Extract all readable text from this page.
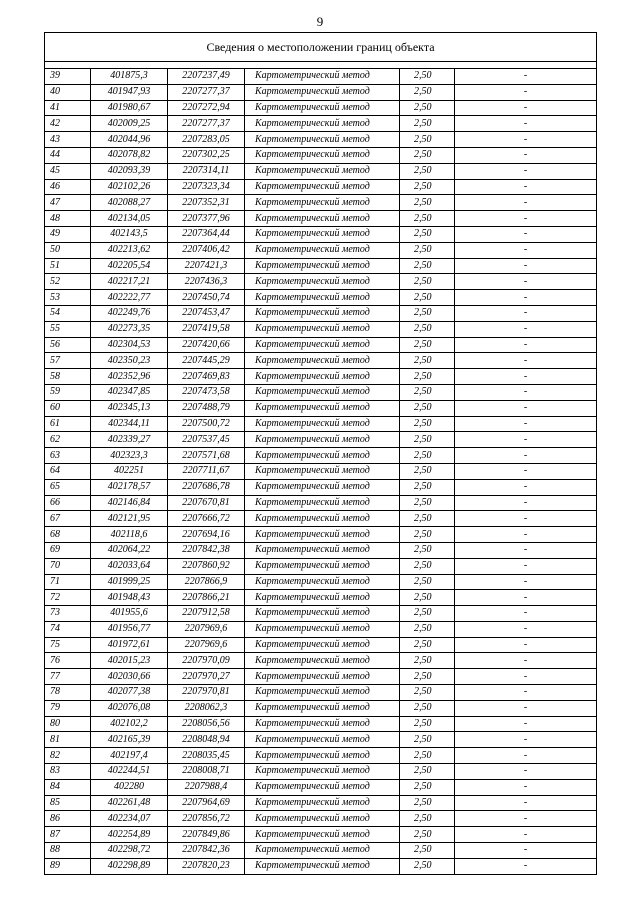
9
Сведения о местоположении границ объекта					

39	401875,3	2207237,49	Картометрический метод	2,50	-
40	401947,93	2207277,37	Картометрический метод	2,50	-
41	401980,67	2207272,94	Картометрический метод	2,50	-
42	402009,25	2207277,37	Картометрический метод	2,50	-
43	402044,96	2207283,05	Картометрический метод	2,50	-
44	402078,82	2207302,25	Картометрический метод	2,50	-
45	402093,39	2207314,11	Картометрический метод	2,50	-
46	402102,26	2207323,34	Картометрический метод	2,50	-
47	402088,27	2207352,31	Картометрический метод	2,50	-
48	402134,05	2207377,96	Картометрический метод	2,50	-
49	402143,5	2207364,44	Картометрический метод	2,50	-
50	402213,62	2207406,42	Картометрический метод	2,50	-
51	402205,54	2207421,3	Картометрический метод	2,50	-
52	402217,21	2207436,3	Картометрический метод	2,50	-
53	402222,77	2207450,74	Картометрический метод	2,50	-
54	402249,76	2207453,47	Картометрический метод	2,50	-
55	402273,35	2207419,58	Картометрический метод	2,50	-
56	402304,53	2207420,66	Картометрический метод	2,50	-
57	402350,23	2207445,29	Картометрический метод	2,50	-
58	402352,96	2207469,83	Картометрический метод	2,50	-
59	402347,85	2207473,58	Картометрический метод	2,50	-
60	402345,13	2207488,79	Картометрический метод	2,50	-
61	402344,11	2207500,72	Картометрический метод	2,50	-
62	402339,27	2207537,45	Картометрический метод	2,50	-
63	402323,3	2207571,68	Картометрический метод	2,50	-
64	402251	2207711,67	Картометрический метод	2,50	-
65	402178,57	2207686,78	Картометрический метод	2,50	-
66	402146,84	2207670,81	Картометрический метод	2,50	-
67	402121,95	2207666,72	Картометрический метод	2,50	-
68	402118,6	2207694,16	Картометрический метод	2,50	-
69	402064,22	2207842,38	Картометрический метод	2,50	-
70	402033,64	2207860,92	Картометрический метод	2,50	-
71	401999,25	2207866,9	Картометрический метод	2,50	-
72	401948,43	2207866,21	Картометрический метод	2,50	-
73	401955,6	2207912,58	Картометрический метод	2,50	-
74	401956,77	2207969,6	Картометрический метод	2,50	-
75	401972,61	2207969,6	Картометрический метод	2,50	-
76	402015,23	2207970,09	Картометрический метод	2,50	-
77	402030,66	2207970,27	Картометрический метод	2,50	-
78	402077,38	2207970,81	Картометрический метод	2,50	-
79	402076,08	2208062,3	Картометрический метод	2,50	-
80	402102,2	2208056,56	Картометрический метод	2,50	-
81	402165,39	2208048,94	Картометрический метод	2,50	-
82	402197,4	2208035,45	Картометрический метод	2,50	-
83	402244,51	2208008,71	Картометрический метод	2,50	-
84	402280	2207988,4	Картометрический метод	2,50	-
85	402261,48	2207964,69	Картометрический метод	2,50	-
86	402234,07	2207856,72	Картометрический метод	2,50	-
87	402254,89	2207849,86	Картометрический метод	2,50	-
88	402298,72	2207842,36	Картометрический метод	2,50	-
89	402298,89	2207820,23	Картометрический метод	2,50	-
